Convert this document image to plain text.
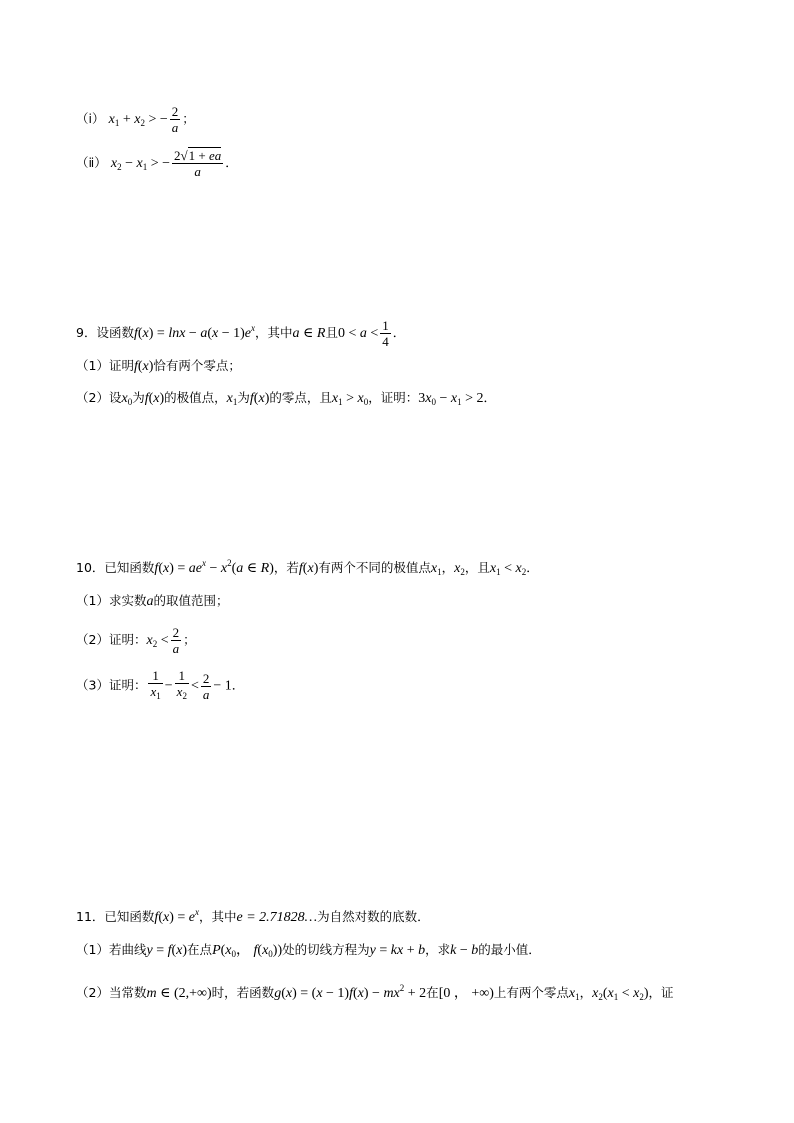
（ⅰ） $x_1 + x_2$ > − $\frac{2}{a}$ ；
（ⅱ） $x_2 - x_1$ > − $\frac{2√1 + ea}{a}$ ．
9．设函数$f(x) = \ln x - a(x - 1)e^x$，其中a ∈ R且$0 < a < \frac{1}{4}$ ．
（1）证明f(x)恰有两个零点；
（2）设$x_0$为f(x)的极值点，$x_1$为f(x)的零点，且$x_1 > x_0$，证明：$3x_0 - x_1 > 2$．
10．已知函数$f(x) = ae^x - x^2(a$ ∈ R)，若f(x)有两个不同的极值点$x_1$，$x_2$，且$x_1 < x_2$．
（1）求实数a的取值范围；
（2）证明：$x_2 < \frac{2}{a}$ ；
（3）证明： $\frac{1}{x_1} - \frac{1}{x_2} < \frac{2}{a} - 1$．
11．已知函数$f(x) = e^x$，其中e = 2.71828…为自然对数的底数．
（1）若曲线y = f(x)在点$P(x_0$， $f(x_0)$)处的切线方程为y = kx + b，求k − b的最小值．
（2）当常数m ∈ (2,+∞)时，若函数$g(x) = (x - 1)f(x) - mx^2 + 2$在[0 ， +∞)上有两个零点$x_1$，$x_2(x_1 < x_2)$，证
